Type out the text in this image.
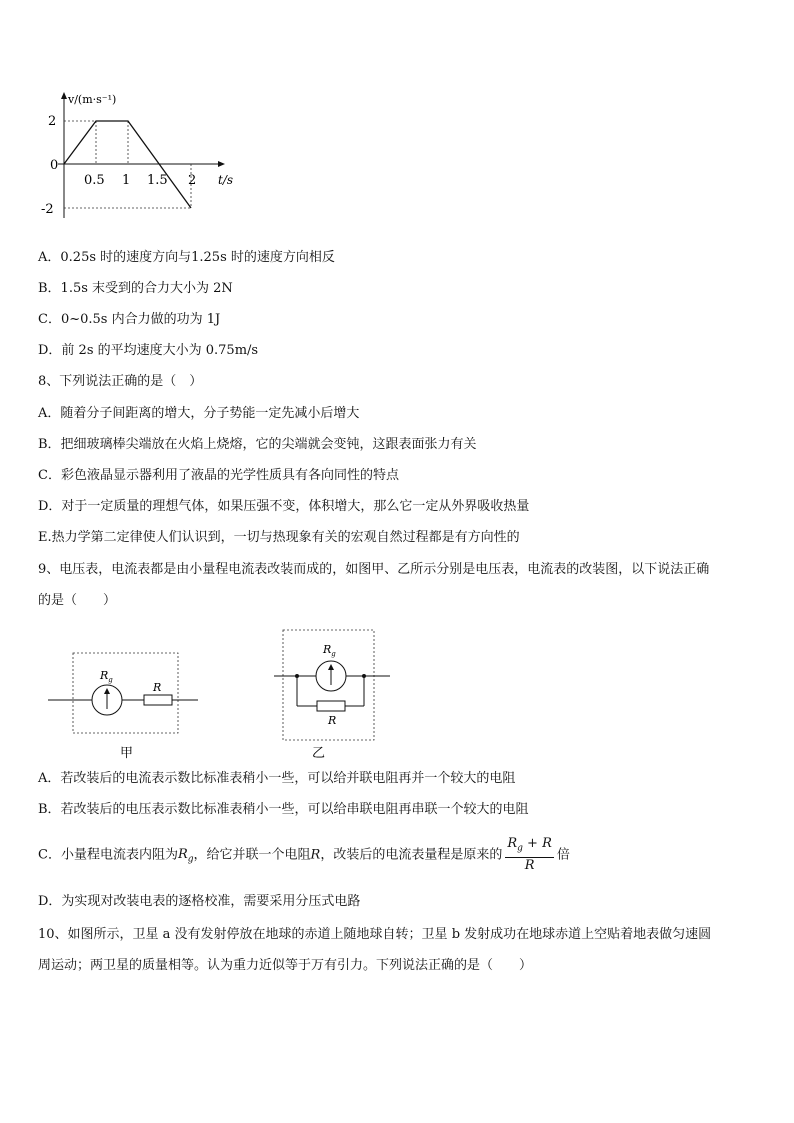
v/(m·s⁻¹)
t/s
2
0
-2
0.5 1 1.5 2
A．0.25s 时的速度方向与1.25s 时的速度方向相反
B．1.5s 末受到的合力大小为 2N
C．0~0.5s 内合力做的功为 1J
D．前 2s 的平均速度大小为 0.75m/s
8、下列说法正确的是（　）
A．随着分子间距离的增大，分子势能一定先减小后增大
B．把细玻璃棒尖端放在火焰上烧熔，它的尖端就会变钝，这跟表面张力有关
C．彩色液晶显示器利用了液晶的光学性质具有各向同性的特点
D．对于一定质量的理想气体，如果压强不变，体积增大，那么它一定从外界吸收热量
E.热力学第二定律使人们认识到，一切与热现象有关的宏观自然过程都是有方向性的
9、电压表，电流表都是由小量程电流表改装而成的，如图甲、乙所示分别是电压表，电流表的改装图，以下说法正确
的是（　　）
$R_g$
R
甲
$R_g$
R
乙
A．若改装后的电流表示数比标准表稍小一些，可以给并联电阻再并一个较大的电阻
B．若改装后的电压表示数比标准表稍小一些，可以给串联电阻再串联一个较大的电阻
C．小量程电流表内阻为$R_g$，给它并联一个电阻R，改装后的电流表量程是原来的 $\frac{R_g + R}{R}$ 倍
D．为实现对改装电表的逐格校准，需要采用分压式电路
10、如图所示，卫星 a 没有发射停放在地球的赤道上随地球自转；卫星 b 发射成功在地球赤道上空贴着地表做匀速圆
周运动；两卫星的质量相等。认为重力近似等于万有引力。下列说法正确的是（　　）
